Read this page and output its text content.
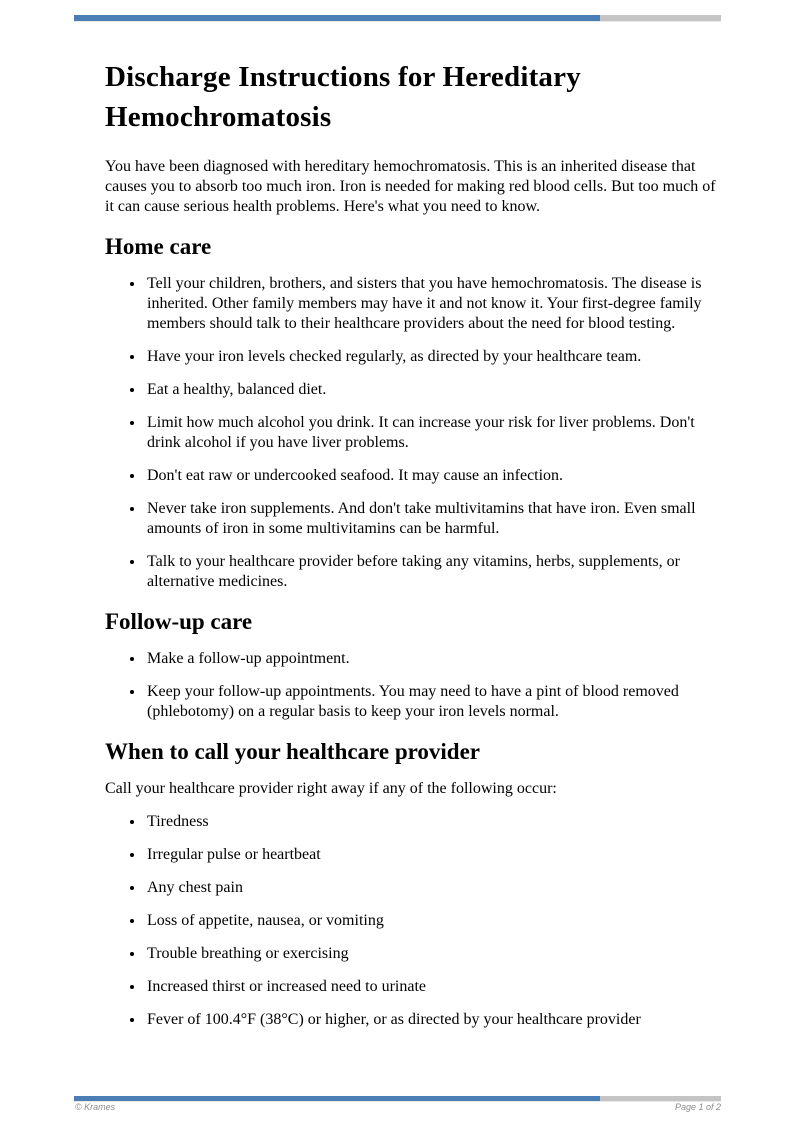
Discharge Instructions for Hereditary Hemochromatosis

You have been diagnosed with hereditary hemochromatosis. This is an inherited disease that causes you to absorb too much iron. Iron is needed for making red blood cells. But too much of it can cause serious health problems. Here's what you need to know.

Home care
• Tell your children, brothers, and sisters that you have hemochromatosis. The disease is inherited. Other family members may have it and not know it. Your first-degree family members should talk to their healthcare providers about the need for blood testing.
• Have your iron levels checked regularly, as directed by your healthcare team.
• Eat a healthy, balanced diet.
• Limit how much alcohol you drink. It can increase your risk for liver problems. Don't drink alcohol if you have liver problems.
• Don't eat raw or undercooked seafood. It may cause an infection.
• Never take iron supplements. And don't take multivitamins that have iron. Even small amounts of iron in some multivitamins can be harmful.
• Talk to your healthcare provider before taking any vitamins, herbs, supplements, or alternative medicines.
Follow-up care
• Make a follow-up appointment.
• Keep your follow-up appointments. You may need to have a pint of blood removed (phlebotomy) on a regular basis to keep your iron levels normal.
When to call your healthcare provider

Call your healthcare provider right away if any of the following occur:

• Tiredness
• Irregular pulse or heartbeat
• Any chest pain
• Loss of appetite, nausea, or vomiting
• Trouble breathing or exercising
• Increased thirst or increased need to urinate
• Fever of 100.4°F (38°C) or higher, or as directed by your healthcare provider
© Krames	Page 1 of 2
